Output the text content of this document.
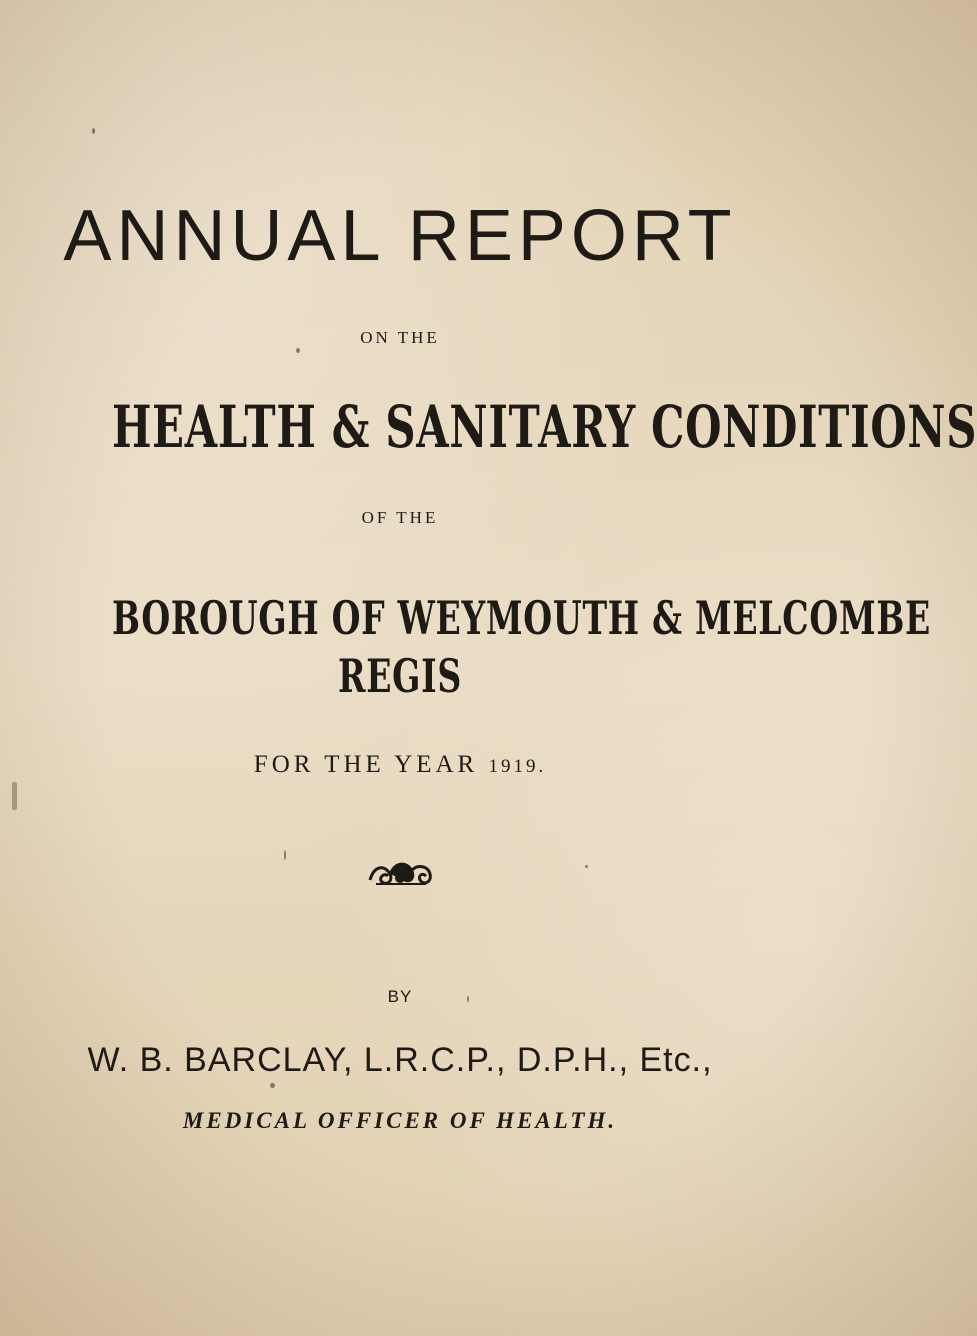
ANNUAL REPORT
ON THE
HEALTH & SANITARY CONDITIONS
OF THE
BOROUGH OF WEYMOUTH & MELCOMBE
REGIS
FOR THE YEAR 1919.
BY
W. B. BARCLAY, L.R.C.P., D.P.H., Etc.,
MEDICAL OFFICER OF HEALTH.
